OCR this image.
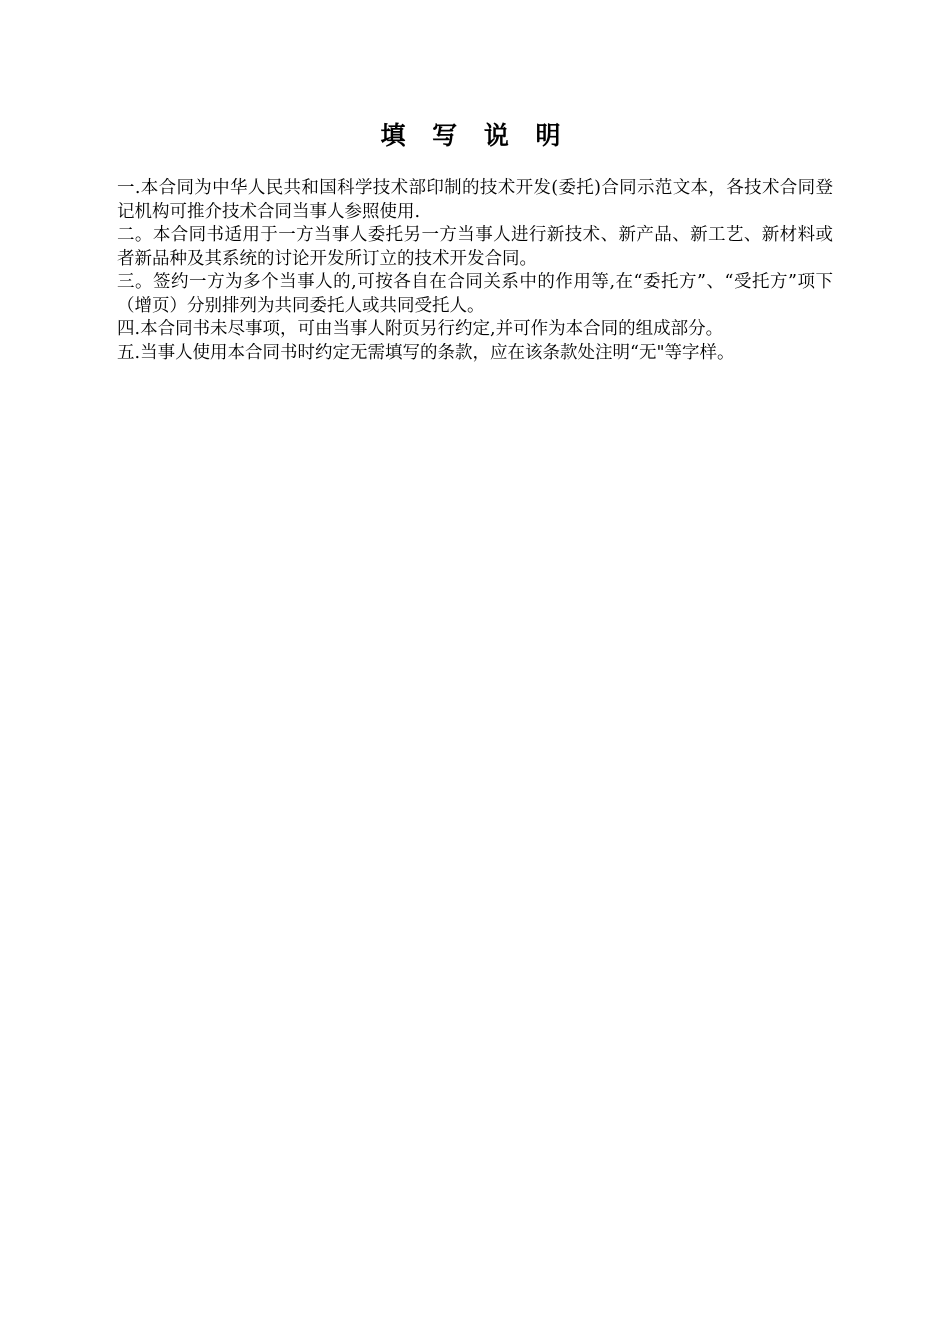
填 写 说 明

一.本合同为中华人民共和国科学技术部印制的技术开发(委托)合同示范文本，各技术合同登记机构可推介技术合同当事人参照使用.

二。本合同书适用于一方当事人委托另一方当事人进行新技术、新产品、新工艺、新材料或者新品种及其系统的讨论开发所订立的技术开发合同。

三。签约一方为多个当事人的,可按各自在合同关系中的作用等,在“委托方”、“受托方”项下（增页）分别排列为共同委托人或共同受托人。

四.本合同书未尽事项，可由当事人附页另行约定,并可作为本合同的组成部分。

五.当事人使用本合同书时约定无需填写的条款，应在该条款处注明“无"等字样。
